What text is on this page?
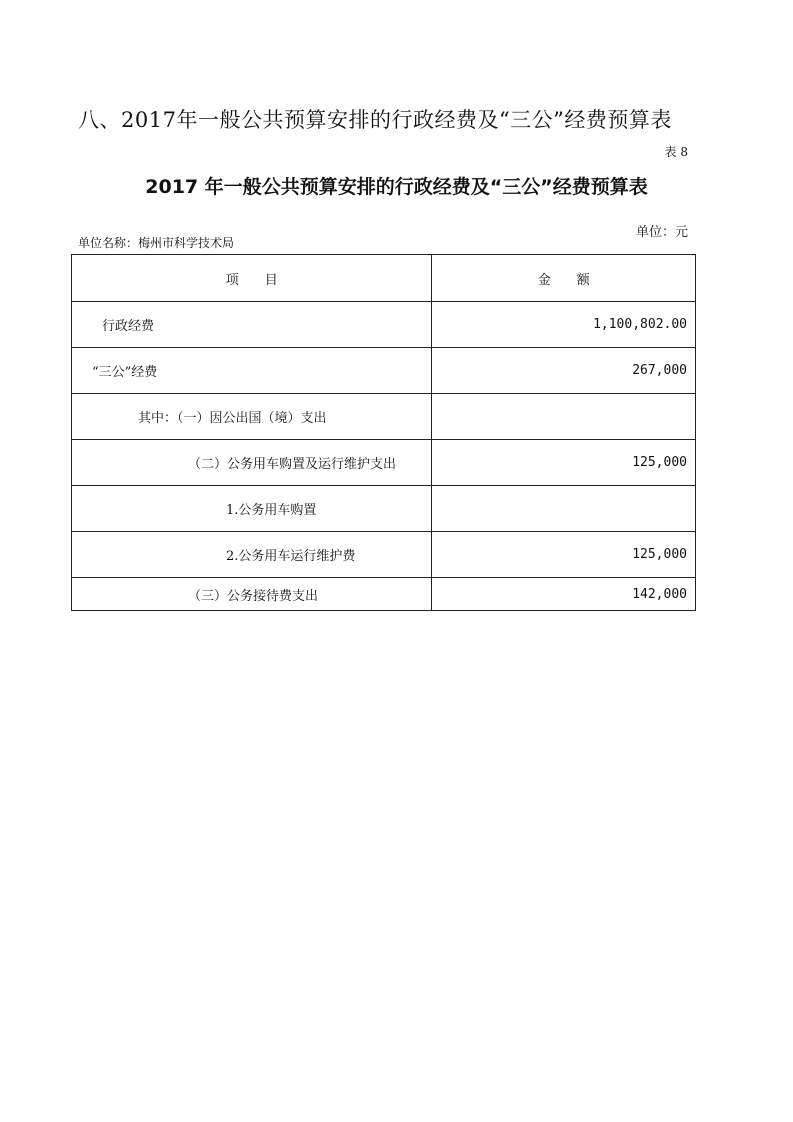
八、2017年一般公共预算安排的行政经费及“三公”经费预算表
表 8
2017 年一般公共预算安排的行政经费及“三公”经费预算表
单位：元
单位名称：梅州市科学技术局
项　　目	金　　额
行政经费	1,100,802.00
“三公”经费	267,000
其中：（一）因公出国（境）支出	
（二）公务用车购置及运行维护支出	125,000
1.公务用车购置	
2.公务用车运行维护费	125,000
（三）公务接待费支出	142,000
